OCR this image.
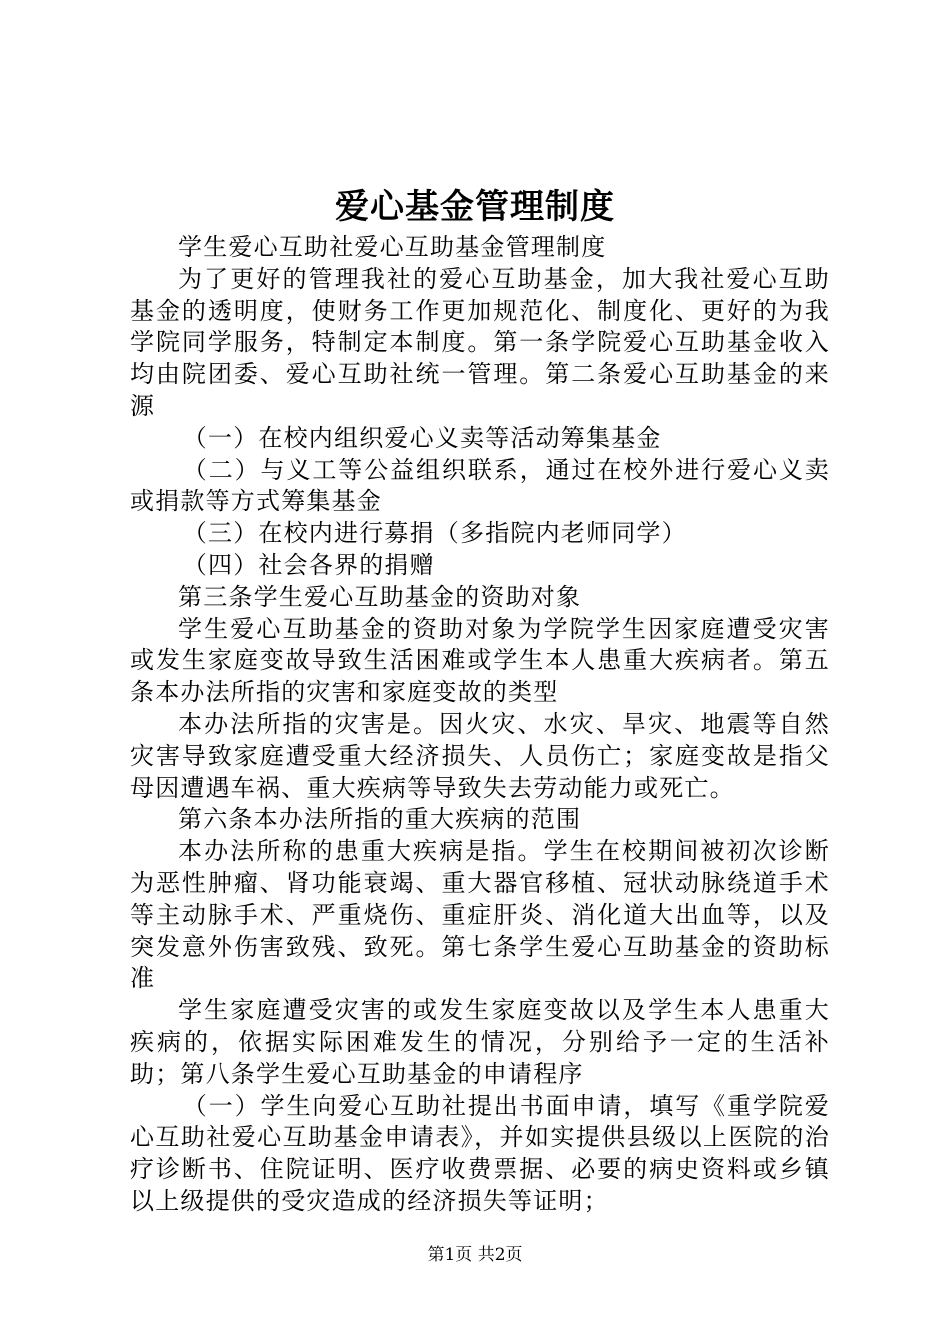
爱心基金管理制度

学生爱心互助社爱心互助基金管理制度

为了更好的管理我社的爱心互助基金，加大我社爱心互助基金的透明度，使财务工作更加规范化、制度化、更好的为我学院同学服务，特制定本制度。第一条学院爱心互助基金收入均由院团委、爱心互助社统一管理。第二条爱心互助基金的来源

（一）在校内组织爱心义卖等活动筹集基金

（二）与义工等公益组织联系，通过在校外进行爱心义卖或捐款等方式筹集基金

（三）在校内进行募捐（多指院内老师同学）

（四）社会各界的捐赠

第三条学生爱心互助基金的资助对象

学生爱心互助基金的资助对象为学院学生因家庭遭受灾害或发生家庭变故导致生活困难或学生本人患重大疾病者。第五条本办法所指的灾害和家庭变故的类型

本办法所指的灾害是。因火灾、水灾、旱灾、地震等自然灾害导致家庭遭受重大经济损失、人员伤亡；家庭变故是指父母因遭遇车祸、重大疾病等导致失去劳动能力或死亡。

第六条本办法所指的重大疾病的范围

本办法所称的患重大疾病是指。学生在校期间被初次诊断为恶性肿瘤、肾功能衰竭、重大器官移植、冠状动脉绕道手术等主动脉手术、严重烧伤、重症肝炎、消化道大出血等，以及突发意外伤害致残、致死。第七条学生爱心互助基金的资助标准

学生家庭遭受灾害的或发生家庭变故以及学生本人患重大疾病的，依据实际困难发生的情况，分别给予一定的生活补助；第八条学生爱心互助基金的申请程序

（一）学生向爱心互助社提出书面申请，填写《重学院爱心互助社爱心互助基金申请表》，并如实提供县级以上医院的治疗诊断书、住院证明、医疗收费票据、必要的病史资料或乡镇以上级提供的受灾造成的经济损失等证明；

第1页 共2页
